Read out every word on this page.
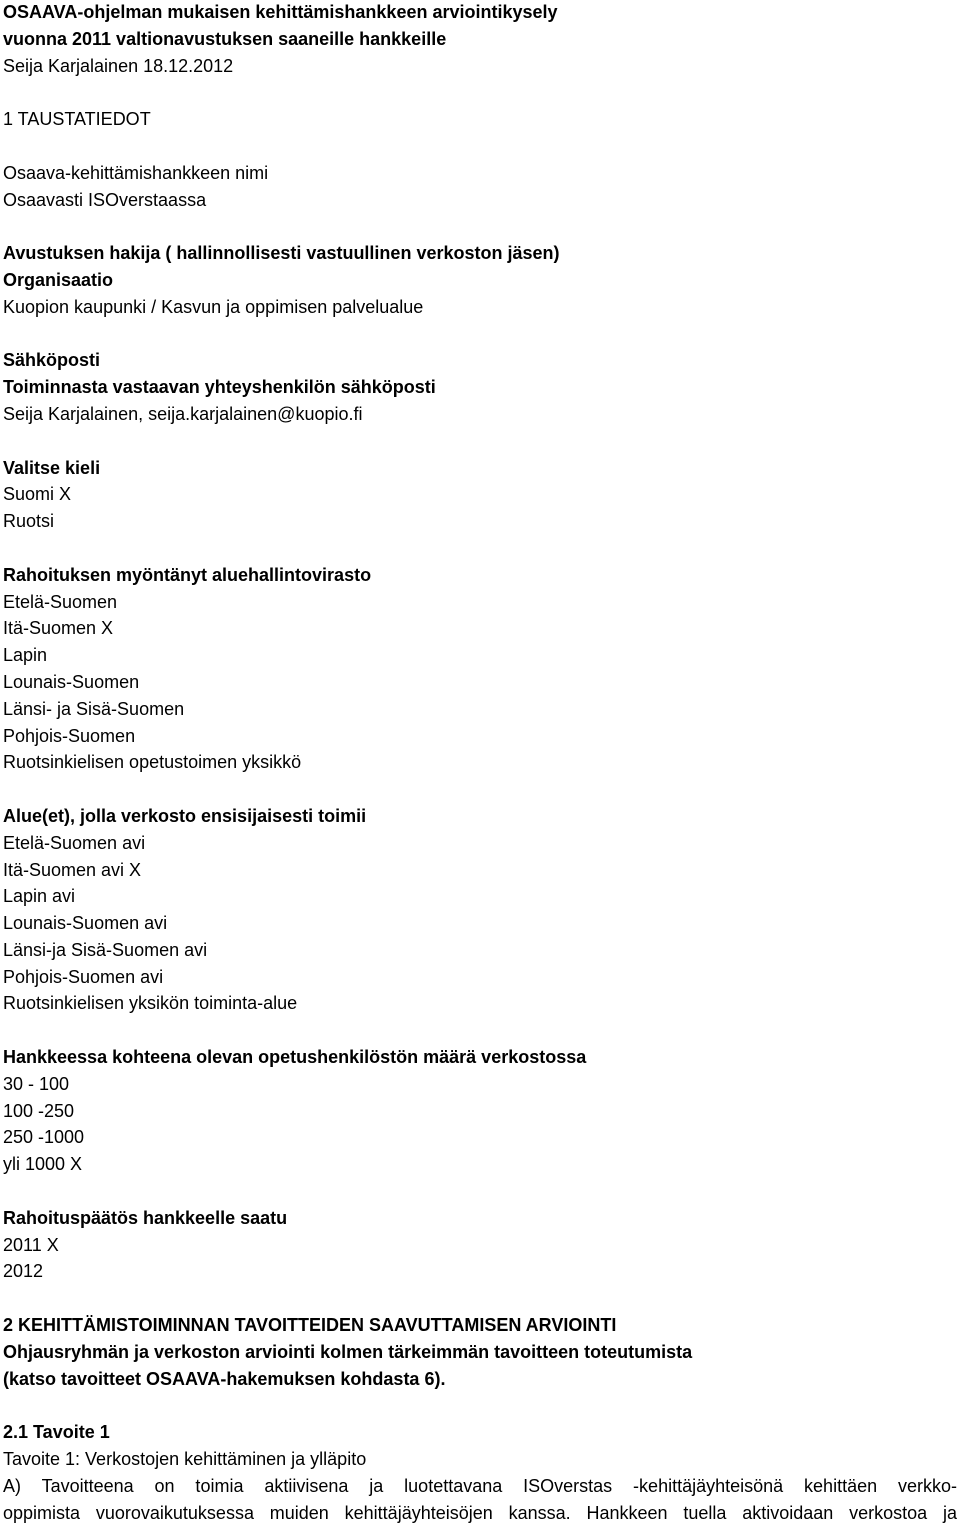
OSAAVA-ohjelman mukaisen kehittämishankkeen arviointikysely
vuonna 2011 valtionavustuksen saaneille hankkeille
Seija Karjalainen 18.12.2012
1 TAUSTATIEDOT
Osaava-kehittämishankkeen nimi
Osaavasti ISOverstaassa
Avustuksen hakija ( hallinnollisesti vastuullinen verkoston jäsen)
Organisaatio
Kuopion kaupunki / Kasvun ja oppimisen palvelualue
Sähköposti
Toiminnasta vastaavan yhteyshenkilön sähköposti
Seija Karjalainen, seija.karjalainen@kuopio.fi
Valitse kieli
Suomi X
Ruotsi
Rahoituksen myöntänyt aluehallintovirasto
Etelä-Suomen
Itä-Suomen X
Lapin
Lounais-Suomen
Länsi- ja Sisä-Suomen
Pohjois-Suomen
Ruotsinkielisen opetustoimen yksikkö
Alue(et), jolla verkosto ensisijaisesti toimii
Etelä-Suomen avi
Itä-Suomen avi X
Lapin avi
Lounais-Suomen avi
Länsi-ja Sisä-Suomen avi
Pohjois-Suomen avi
Ruotsinkielisen yksikön toiminta-alue
Hankkeessa kohteena olevan opetushenkilöstön määrä verkostossa
30 - 100
100 -250
250 -1000
yli 1000 X
Rahoituspäätös hankkeelle saatu
2011 X
2012
2 KEHITTÄMISTOIMINNAN TAVOITTEIDEN SAAVUTTAMISEN ARVIOINTI
Ohjausryhmän ja verkoston arviointi kolmen tärkeimmän tavoitteen toteutumista
(katso tavoitteet OSAAVA-hakemuksen kohdasta 6).
2.1 Tavoite 1
Tavoite 1: Verkostojen kehittäminen ja ylläpito
A) Tavoitteena on toimia aktiivisena ja luotettavana ISOverstas -kehittäjäyhteisönä kehittäen verkko-
oppimista vuorovaikutuksessa muiden kehittäjäyhteisöjen kanssa. Hankkeen tuella aktivoidaan verkostoa ja
